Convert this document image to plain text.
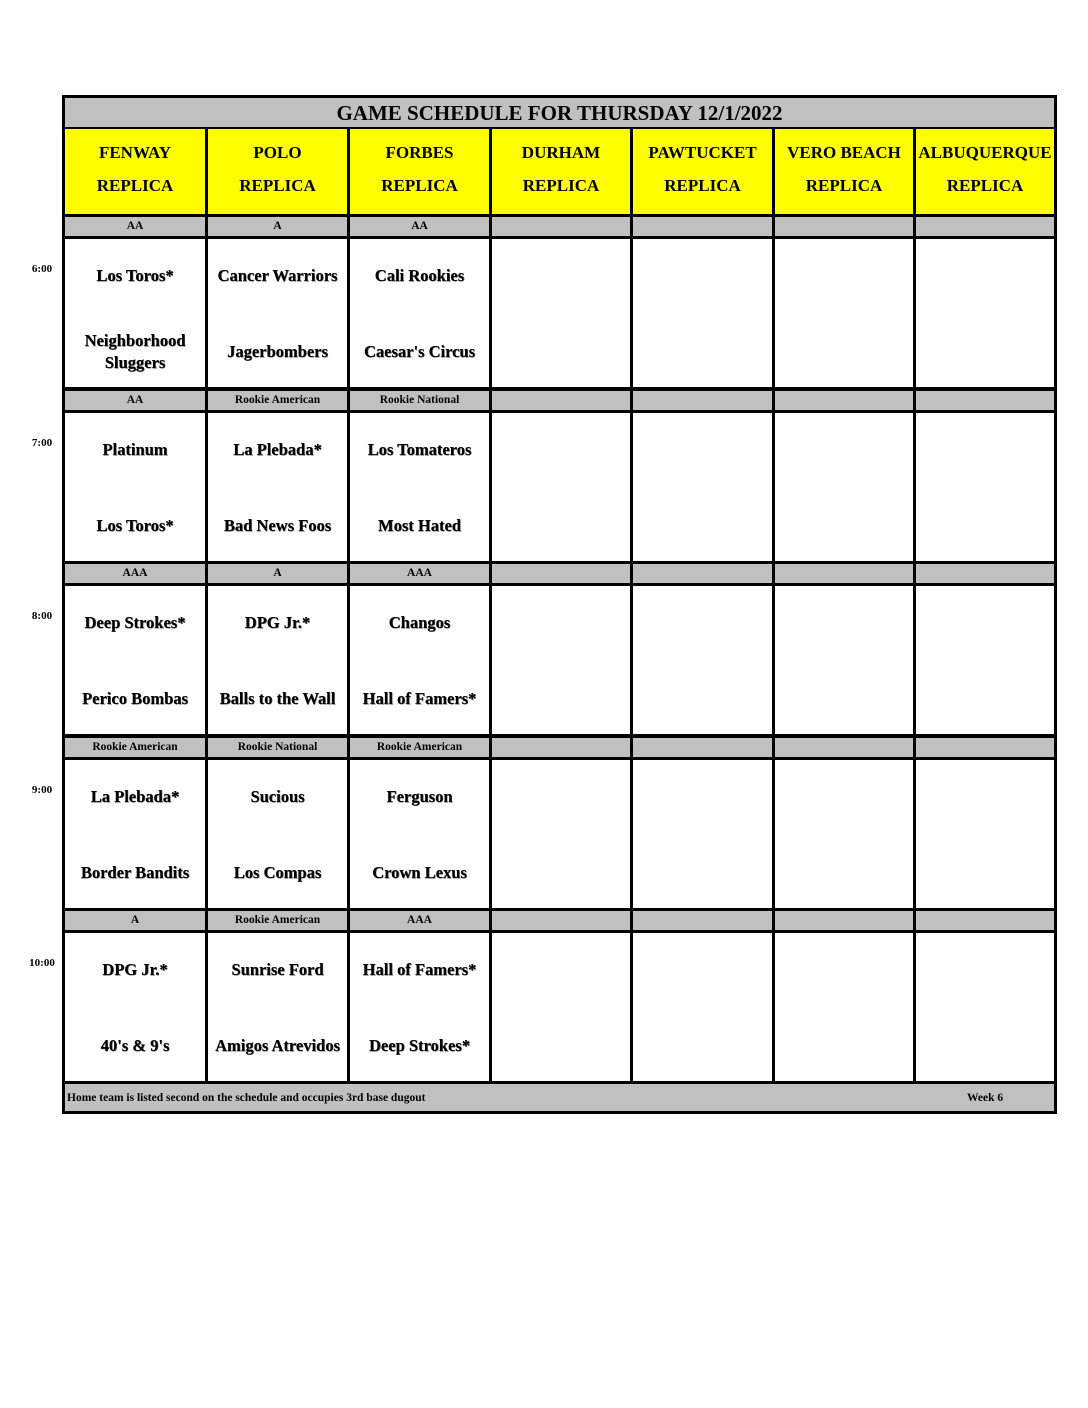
GAME SCHEDULE FOR THURSDAY 12/1/2022
Home team is listed second on the schedule and occupies 3rd base dugout	Week 6
FENWAY
REPLICA
POLO
REPLICA
FORBES
REPLICA
DURHAM
REPLICA
PAWTUCKET
REPLICA
VERO BEACH
REPLICA
ALBUQUERQUE
REPLICA
AA
Los Toros*
Neighborhood Sluggers
A
Cancer Warriors
Jagerbombers
AA
Cali Rookies
Caesar's Circus
AA
Platinum
Los Toros*
Rookie American
La Plebada*
Bad News Foos
Rookie National
Los Tomateros
Most Hated
AAA
Deep Strokes*
Perico Bombas
A
DPG Jr.*
Balls to the Wall
AAA
Changos
Hall of Famers*
Rookie American
La Plebada*
Border Bandits
Rookie National
Sucious
Los Compas
Rookie American
Ferguson
Crown Lexus
A
DPG Jr.*
40's & 9's
Rookie American
Sunrise Ford
Amigos Atrevidos
AAA
Hall of Famers*
Deep Strokes*
6:00
7:00
8:00
9:00
10:00
